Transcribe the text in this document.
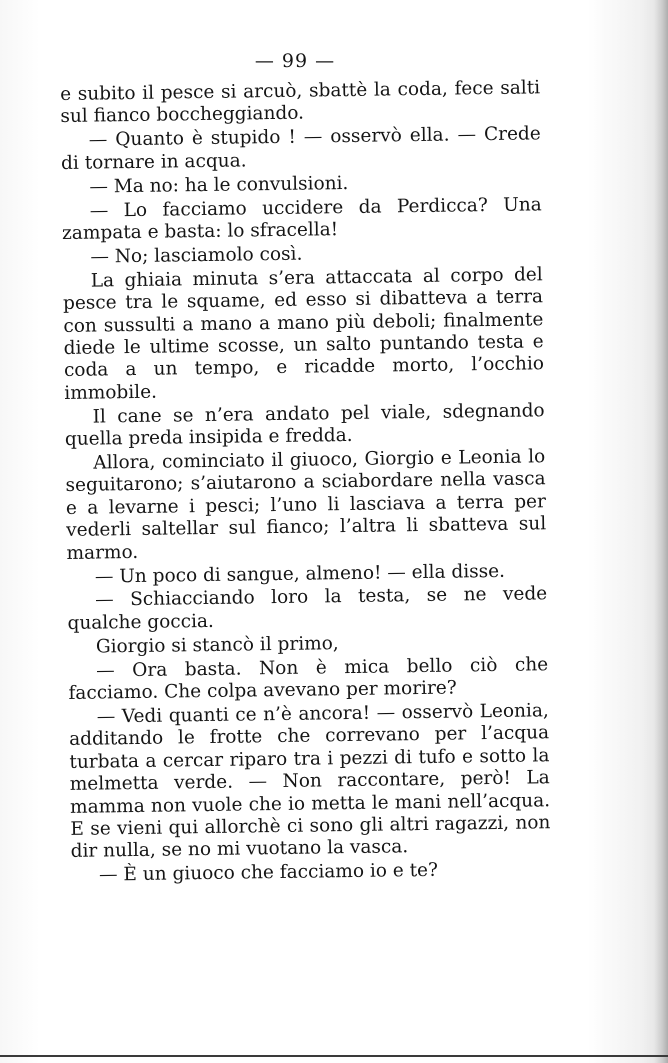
— 99 —

e subito il pesce si arcuò, sbattè la coda, fece salti sul fianco boccheggiando.

— Quanto è stupido ! — osservò ella. — Crede di tornare in acqua.

— Ma no: ha le convulsioni.

— Lo facciamo uccidere da Perdicca? Una zampata e basta: lo sfracella!

— No; lasciamolo così.

La ghiaia minuta s’era attaccata al corpo del pesce tra le squame, ed esso si dibatteva a terra con sussulti a mano a mano più deboli; finalmente diede le ultime scosse, un salto puntando testa e coda a un tempo, e ricadde morto, l’occhio immobile.

Il cane se n’era andato pel viale, sdegnando quella preda insipida e fredda.

Allora, cominciato il giuoco, Giorgio e Leonia lo seguitarono; s’aiutarono a sciabordare nella vasca e a levarne i pesci; l’uno li lasciava a terra per vederli saltellar sul fianco; l’altra li sbatteva sul marmo.

— Un poco di sangue, almeno! — ella disse.

— Schiacciando loro la testa, se ne vede qualche goccia.

Giorgio si stancò il primo,

— Ora basta. Non è mica bello ciò che facciamo. Che colpa avevano per morire?

— Vedi quanti ce n’è ancora! — osservò Leonia, additando le frotte che correvano per l’acqua turbata a cercar riparo tra i pezzi di tufo e sotto la melmetta verde. — Non raccontare, però! La mamma non vuole che io metta le mani nell’acqua. E se vieni qui allorchè ci sono gli altri ragazzi, non dir nulla, se no mi vuotano la vasca.

— È un giuoco che facciamo io e te?
